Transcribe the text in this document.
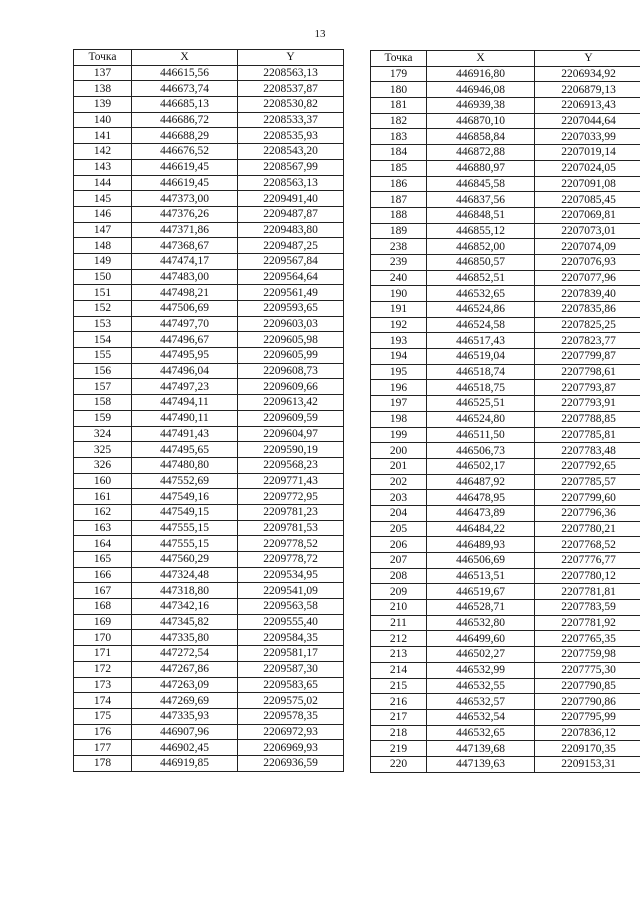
13
Точка	X	Y
137	446615,56	2208563,13
138	446673,74	2208537,87
139	446685,13	2208530,82
140	446686,72	2208533,37
141	446688,29	2208535,93
142	446676,52	2208543,20
143	446619,45	2208567,99
144	446619,45	2208563,13
145	447373,00	2209491,40
146	447376,26	2209487,87
147	447371,86	2209483,80
148	447368,67	2209487,25
149	447474,17	2209567,84
150	447483,00	2209564,64
151	447498,21	2209561,49
152	447506,69	2209593,65
153	447497,70	2209603,03
154	447496,67	2209605,98
155	447495,95	2209605,99
156	447496,04	2209608,73
157	447497,23	2209609,66
158	447494,11	2209613,42
159	447490,11	2209609,59
324	447491,43	2209604,97
325	447495,65	2209590,19
326	447480,80	2209568,23
160	447552,69	2209771,43
161	447549,16	2209772,95
162	447549,15	2209781,23
163	447555,15	2209781,53
164	447555,15	2209778,52
165	447560,29	2209778,72
166	447324,48	2209534,95
167	447318,80	2209541,09
168	447342,16	2209563,58
169	447345,82	2209555,40
170	447335,80	2209584,35
171	447272,54	2209581,17
172	447267,86	2209587,30
173	447263,09	2209583,65
174	447269,69	2209575,02
175	447335,93	2209578,35
176	446907,96	2206972,93
177	446902,45	2206969,93
178	446919,85	2206936,59
Точка	X	Y
179	446916,80	2206934,92
180	446946,08	2206879,13
181	446939,38	2206913,43
182	446870,10	2207044,64
183	446858,84	2207033,99
184	446872,88	2207019,14
185	446880,97	2207024,05
186	446845,58	2207091,08
187	446837,56	2207085,45
188	446848,51	2207069,81
189	446855,12	2207073,01
238	446852,00	2207074,09
239	446850,57	2207076,93
240	446852,51	2207077,96
190	446532,65	2207839,40
191	446524,86	2207835,86
192	446524,58	2207825,25
193	446517,43	2207823,77
194	446519,04	2207799,87
195	446518,74	2207798,61
196	446518,75	2207793,87
197	446525,51	2207793,91
198	446524,80	2207788,85
199	446511,50	2207785,81
200	446506,73	2207783,48
201	446502,17	2207792,65
202	446487,92	2207785,57
203	446478,95	2207799,60
204	446473,89	2207796,36
205	446484,22	2207780,21
206	446489,93	2207768,52
207	446506,69	2207776,77
208	446513,51	2207780,12
209	446519,67	2207781,81
210	446528,71	2207783,59
211	446532,80	2207781,92
212	446499,60	2207765,35
213	446502,27	2207759,98
214	446532,99	2207775,30
215	446532,55	2207790,85
216	446532,57	2207790,86
217	446532,54	2207795,99
218	446532,65	2207836,12
219	447139,68	2209170,35
220	447139,63	2209153,31
